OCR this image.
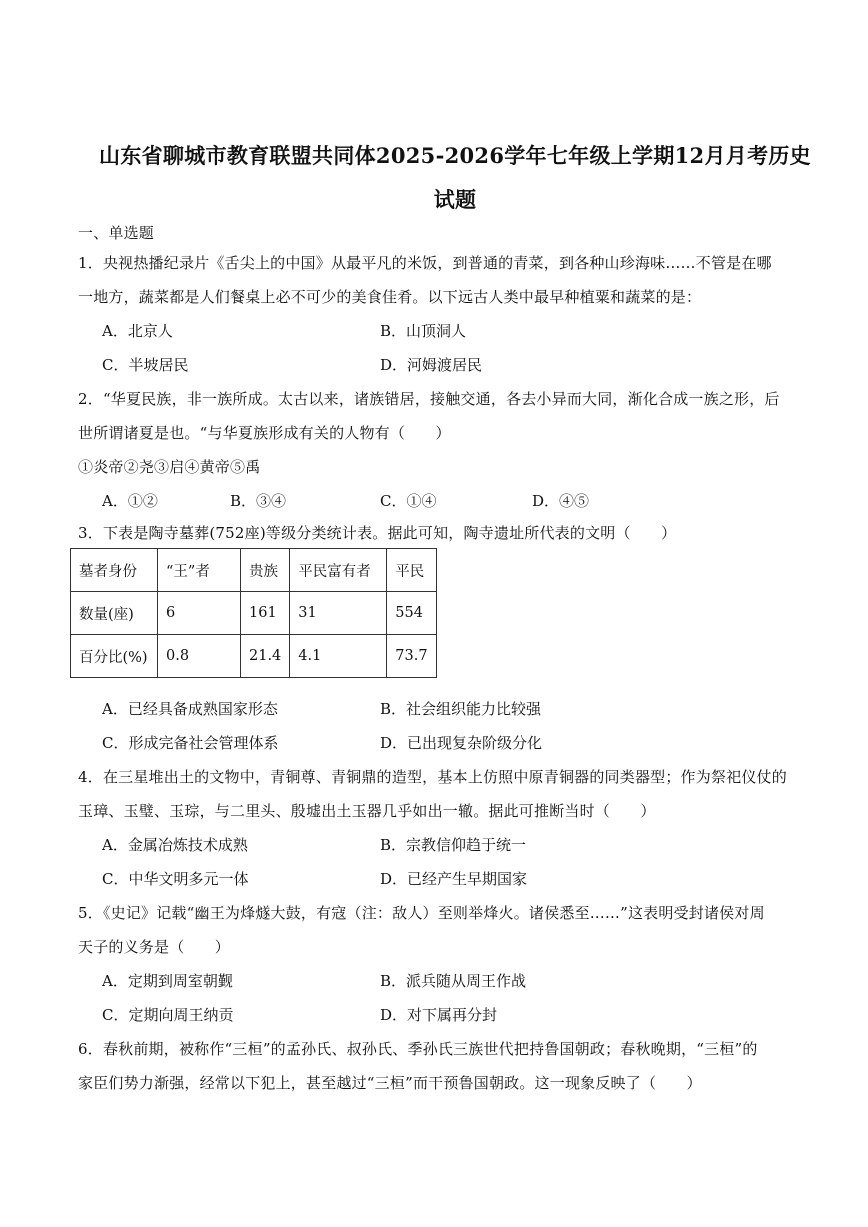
山东省聊城市教育联盟共同体2025-2026学年七年级上学期12月月考历史
试题
一、单选题
1．央视热播纪录片《舌尖上的中国》从最平凡的米饭，到普通的青菜，到各种山珍海味……不管是在哪
一地方，蔬菜都是人们餐桌上必不可少的美食佳肴。以下远古人类中最早种植粟和蔬菜的是：
A．北京人	B．山顶洞人
C．半坡居民	D．河姆渡居民
2．“华夏民族，非一族所成。太古以来，诸族错居，接触交通，各去小异而大同，渐化合成一族之形，后
世所谓诸夏是也。“与华夏族形成有关的人物有（　　）
①炎帝②尧③启④黄帝⑤禹
A．①②	B．③④	C．①④	D．④⑤
3．下表是陶寺墓葬(752座)等级分类统计表。据此可知，陶寺遗址所代表的文明（　　）
墓者身份	“王”者	贵族	平民富有者	平民
数量(座)	6	161	31	554
百分比(%)	0.8	21.4	4.1	73.7
A．已经具备成熟国家形态	B．社会组织能力比较强
C．形成完备社会管理体系	D．已出现复杂阶级分化
4．在三星堆出土的文物中，青铜尊、青铜鼎的造型，基本上仿照中原青铜器的同类器型；作为祭祀仪仗的
玉璋、玉璧、玉琮，与二里头、殷墟出土玉器几乎如出一辙。据此可推断当时（　　）
A．金属冶炼技术成熟	B．宗教信仰趋于统一
C．中华文明多元一体	D．已经产生早期国家
5．《史记》记载“幽王为烽燧大鼓，有寇（注：敌人）至则举烽火。诸侯悉至……”这表明受封诸侯对周
天子的义务是（　　）
A．定期到周室朝觐	B．派兵随从周王作战
C．定期向周王纳贡	D．对下属再分封
6．春秋前期，被称作“三桓”的孟孙氏、叔孙氏、季孙氏三族世代把持鲁国朝政；春秋晚期，“三桓”的
家臣们势力渐强，经常以下犯上，甚至越过“三桓”而干预鲁国朝政。这一现象反映了（　　）
